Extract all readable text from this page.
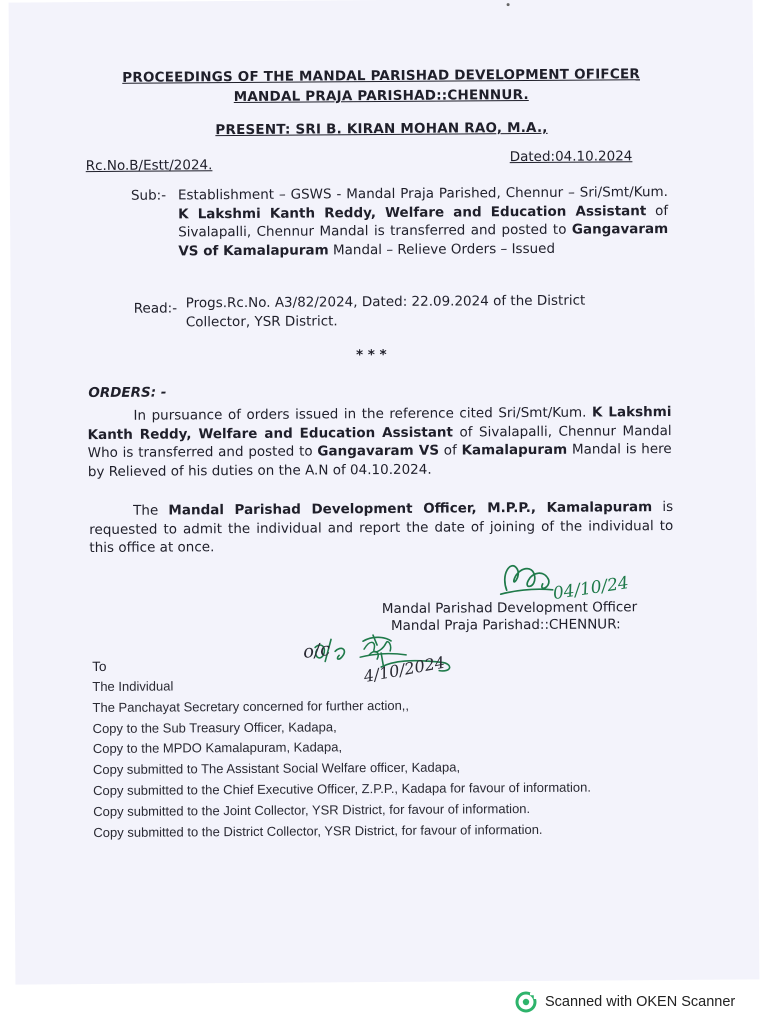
PROCEEDINGS OF THE MANDAL PARISHAD DEVELOPMENT OFIFCER
MANDAL PRAJA PARISHAD::CHENNUR.
PRESENT: SRI B. KIRAN MOHAN RAO, M.A.,
Rc.No.B/Estt/2024.
Dated:04.10.2024
Sub:- Establishment – GSWS - Mandal Praja Parished, Chennur – Sri/Smt/Kum. K Lakshmi Kanth Reddy, Welfare and Education Assistant of Sivalapalli, Chennur Mandal is transferred and posted to Gangavaram VS of Kamalapuram Mandal – Relieve Orders – Issued
Read:- Progs.Rc.No. A3/82/2024, Dated: 22.09.2024 of the District Collector, YSR District.
* * *
ORDERS: -
In pursuance of orders issued in the reference cited Sri/Smt/Kum. K Lakshmi Kanth Reddy, Welfare and Education Assistant of Sivalapalli, Chennur Mandal Who is transferred and posted to Gangavaram VS of Kamalapuram Mandal is here by Relieved of his duties on the A.N of 04.10.2024.
The Mandal Parishad Development Officer, M.P.P., Kamalapuram is requested to admit the individual and report the date of joining of the individual to this office at once.
Mandal Parishad Development Officer
Mandal Praja Parishad::CHENNUR:
04/10/24
o/c
4/10/2024
To
The Individual
The Panchayat Secretary concerned for further action,,
Copy to the Sub Treasury Officer, Kadapa,
Copy to the MPDO Kamalapuram, Kadapa,
Copy submitted to The Assistant Social Welfare officer, Kadapa,
Copy submitted to the Chief Executive Officer, Z.P.P., Kadapa for favour of information.
Copy submitted to the Joint Collector, YSR District, for favour of information.
Copy submitted to the District Collector, YSR District, for favour of information.
Scanned with OKEN Scanner
